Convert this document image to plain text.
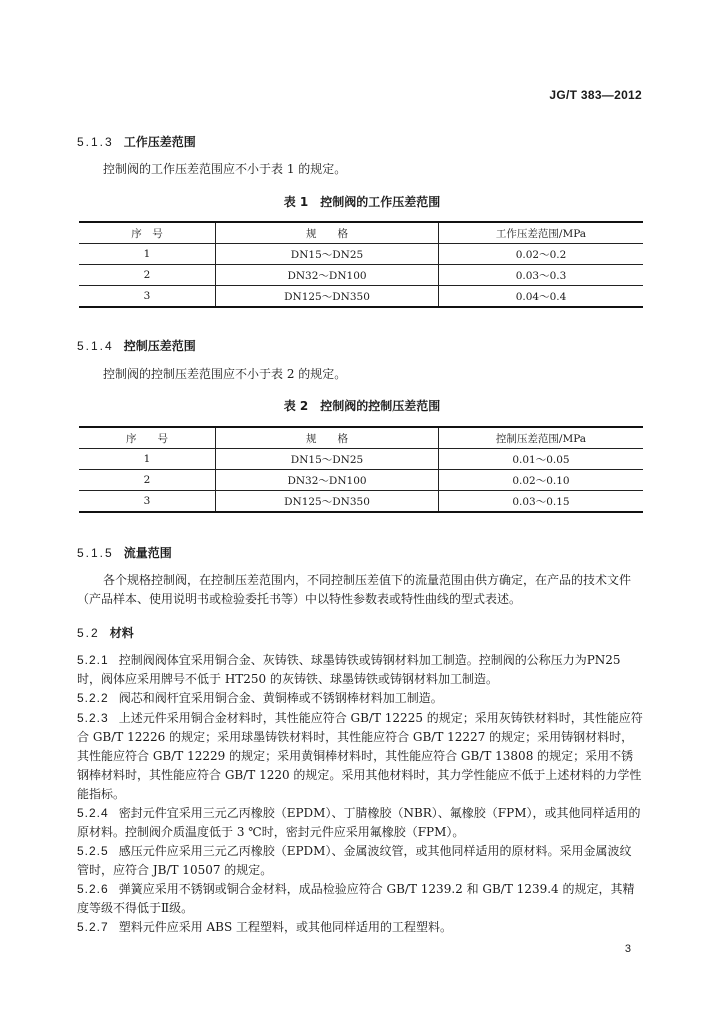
JG/T 383—2012
5.1.3 工作压差范围
控制阀的工作压差范围应不小于表 1 的规定。
表 1　控制阀的工作压差范围
序　号	规　　格	工作压差范围/MPa
1	DN15～DN25	0.02～0.2
2	DN32～DN100	0.03～0.3
3	DN125～DN350	0.04～0.4
5.1.4 控制压差范围
控制阀的控制压差范围应不小于表 2 的规定。
表 2　控制阀的控制压差范围
序　　号	规　　格	控制压差范围/MPa
1	DN15～DN25	0.01～0.05
2	DN32～DN100	0.02～0.10
3	DN125～DN350	0.03～0.15
5.1.5 流量范围
各个规格控制阀，在控制压差范围内，不同控制压差值下的流量范围由供方确定，在产品的技术文件（产品样本、使用说明书或检验委托书等）中以特性参数表或特性曲线的型式表述。
5.2 材料
5.2.1 控制阀阀体宜采用铜合金、灰铸铁、球墨铸铁或铸钢材料加工制造。控制阀的公称压力为PN25 时，阀体应采用牌号不低于 HT250 的灰铸铁、球墨铸铁或铸钢材料加工制造。
5.2.2 阀芯和阀杆宜采用铜合金、黄铜棒或不锈钢棒材料加工制造。
5.2.3 上述元件采用铜合金材料时，其性能应符合 GB/T 12225 的规定；采用灰铸铁材料时，其性能应符合 GB/T 12226 的规定；采用球墨铸铁材料时，其性能应符合 GB/T 12227 的规定；采用铸钢材料时，其性能应符合 GB/T 12229 的规定；采用黄铜棒材料时，其性能应符合 GB/T 13808 的规定；采用不锈钢棒材料时，其性能应符合 GB/T 1220 的规定。采用其他材料时，其力学性能应不低于上述材料的力学性能指标。
5.2.4 密封元件宜采用三元乙丙橡胶（EPDM）、丁腈橡胶（NBR）、氟橡胶（FPM），或其他同样适用的原材料。控制阀介质温度低于 3 ℃时，密封元件应采用氟橡胶（FPM）。
5.2.5 感压元件应采用三元乙丙橡胶（EPDM）、金属波纹管，或其他同样适用的原材料。采用金属波纹管时，应符合 JB/T 10507 的规定。
5.2.6 弹簧应采用不锈钢或铜合金材料，成品检验应符合 GB/T 1239.2 和 GB/T 1239.4 的规定，其精度等级不得低于Ⅱ级。
5.2.7 塑料元件应采用 ABS 工程塑料，或其他同样适用的工程塑料。
3
